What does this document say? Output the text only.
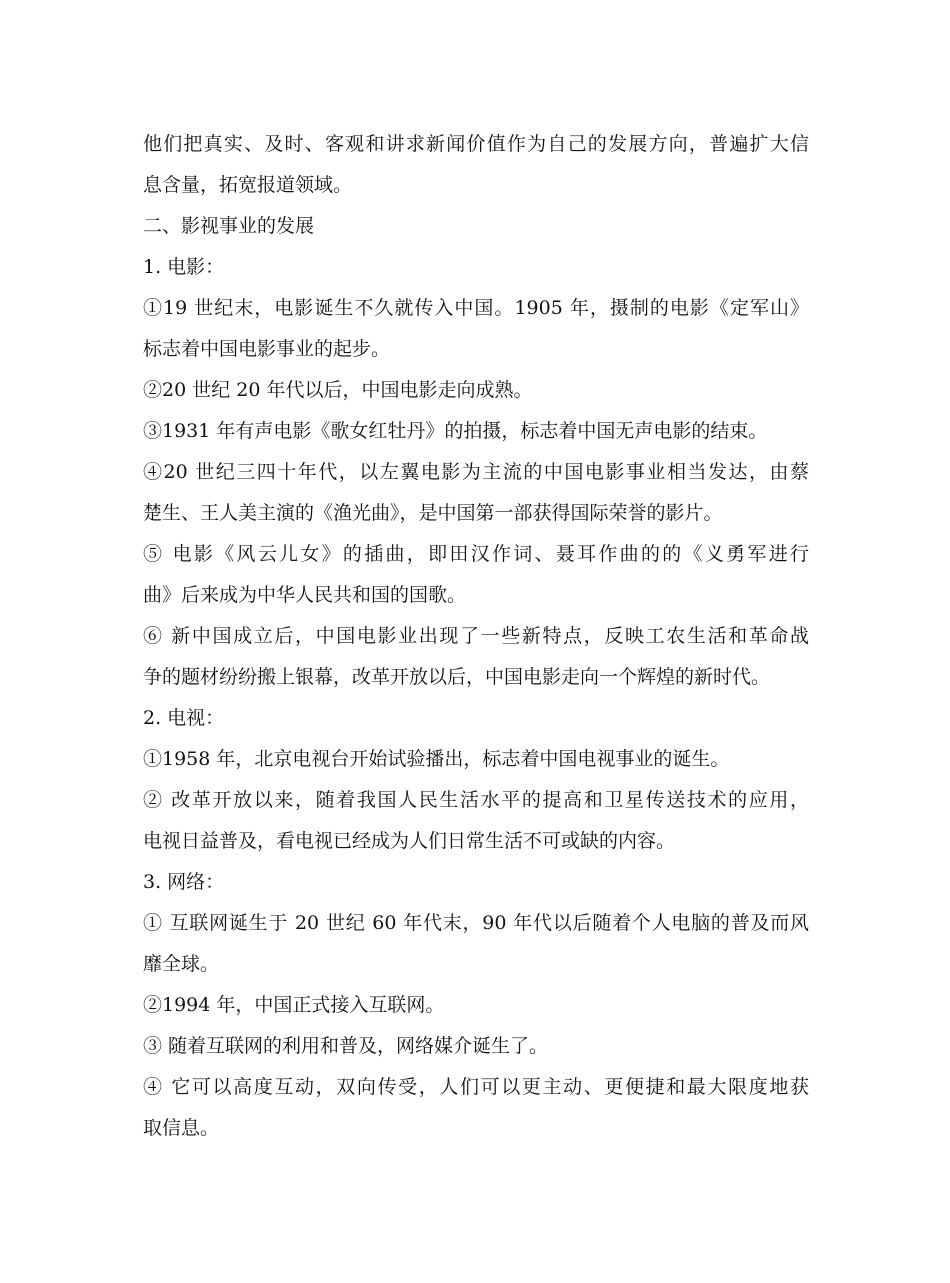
他们把真实、及时、客观和讲求新闻价值作为自己的发展方向，普遍扩大信
息含量，拓宽报道领域。
二、影视事业的发展
1. 电影：
①19 世纪末，电影诞生不久就传入中国。1905 年，摄制的电影《定军山》
标志着中国电影事业的起步。
②20 世纪 20 年代以后，中国电影走向成熟。
③1931 年有声电影《歌女红牡丹》的拍摄，标志着中国无声电影的结束。
④20 世纪三四十年代，以左翼电影为主流的中国电影事业相当发达，由蔡
楚生、王人美主演的《渔光曲》，是中国第一部获得国际荣誉的影片。
⑤ 电影《风云儿女》的插曲，即田汉作词、聂耳作曲的的《义勇军进行
曲》后来成为中华人民共和国的国歌。
⑥ 新中国成立后，中国电影业出现了一些新特点，反映工农生活和革命战
争的题材纷纷搬上银幕，改革开放以后，中国电影走向一个辉煌的新时代。
2. 电视：
①1958 年，北京电视台开始试验播出，标志着中国电视事业的诞生。
② 改革开放以来，随着我国人民生活水平的提高和卫星传送技术的应用，
电视日益普及，看电视已经成为人们日常生活不可或缺的内容。
3. 网络：
① 互联网诞生于 20 世纪 60 年代末，90 年代以后随着个人电脑的普及而风
靡全球。
②1994 年，中国正式接入互联网。
③ 随着互联网的利用和普及，网络媒介诞生了。
④ 它可以高度互动，双向传受，人们可以更主动、更便捷和最大限度地获
取信息。
